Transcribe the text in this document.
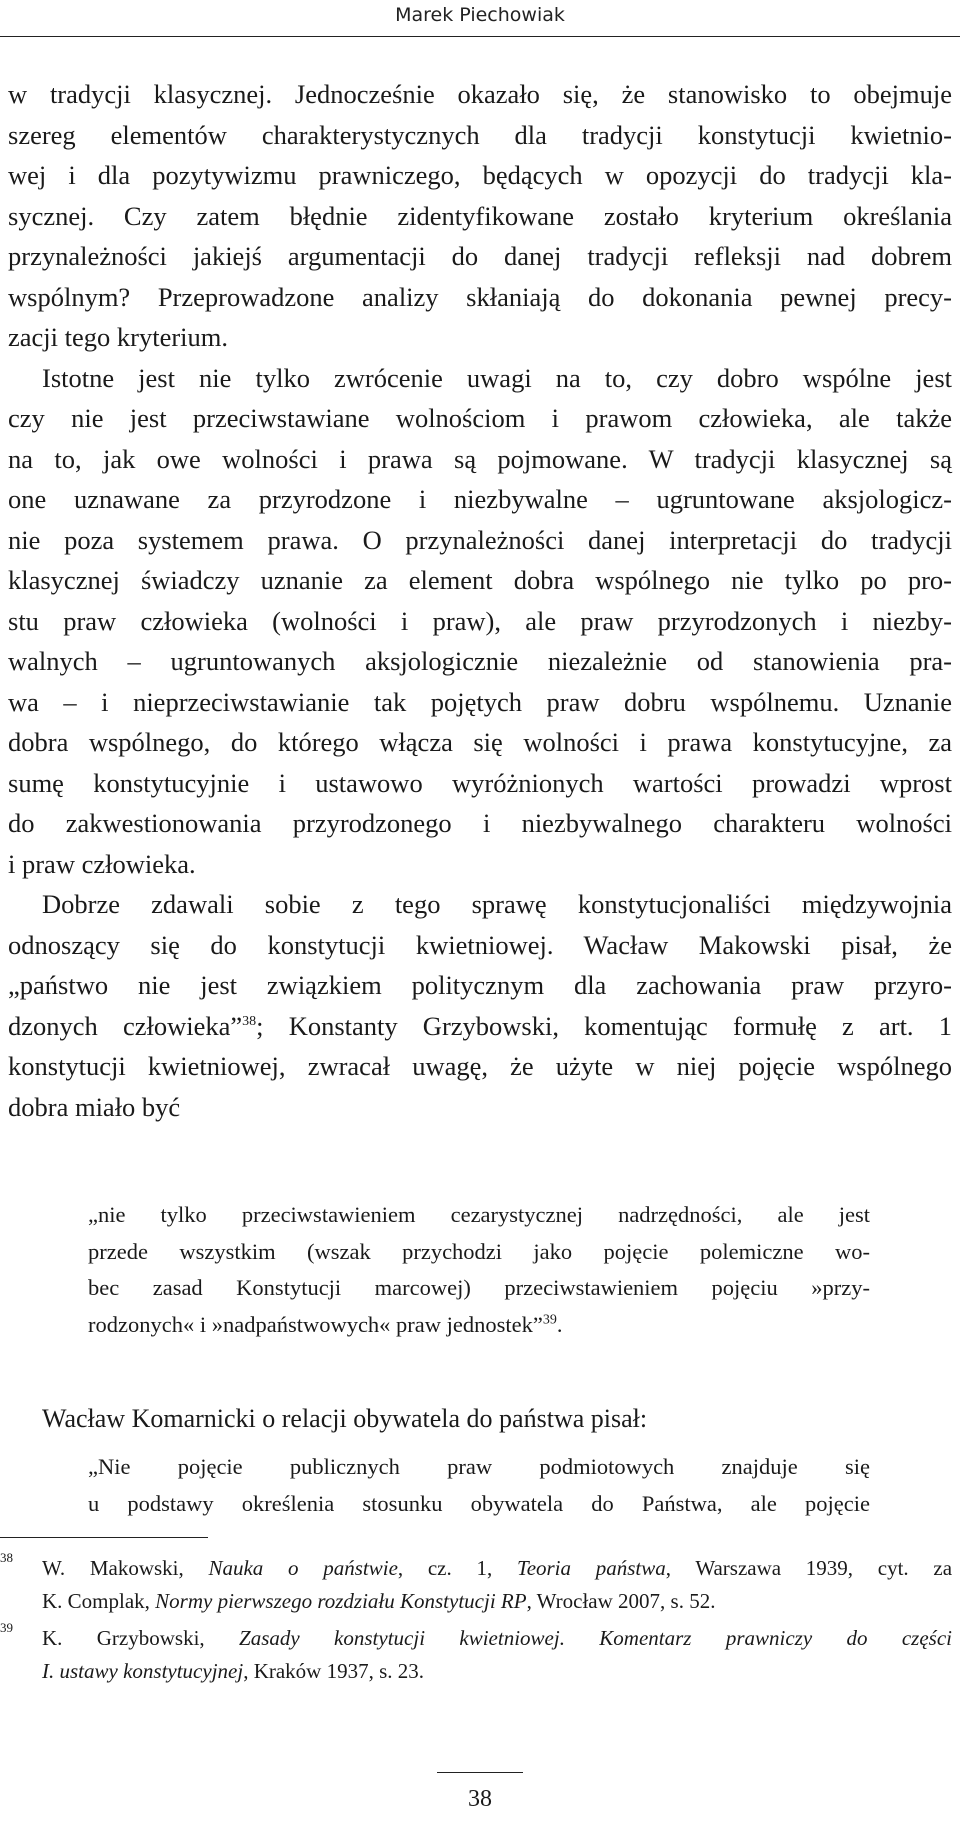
Marek Piechowiak

w tradycji klasycznej. Jednocześnie okazało się, że stanowisko to obejmuje
szereg elementów charakterystycznych dla tradycji konstytucji kwietnio-
wej i dla pozytywizmu prawniczego, będących w opozycji do tradycji kla-
sycznej. Czy zatem błędnie zidentyfikowane zostało kryterium określania
przynależności jakiejś argumentacji do danej tradycji refleksji nad dobrem
wspólnym? Przeprowadzone analizy skłaniają do dokonania pewnej precy-
zacji tego kryterium.

Istotne jest nie tylko zwrócenie uwagi na to, czy dobro wspólne jest
czy nie jest przeciwstawiane wolnościom i prawom człowieka, ale także
na to, jak owe wolności i prawa są pojmowane. W tradycji klasycznej są
one uznawane za przyrodzone i niezbywalne – ugruntowane aksjologicz-
nie poza systemem prawa. O przynależności danej interpretacji do tradycji
klasycznej świadczy uznanie za element dobra wspólnego nie tylko po pro-
stu praw człowieka (wolności i praw), ale praw przyrodzonych i niezby-
walnych – ugruntowanych aksjologicznie niezależnie od stanowienia pra-
wa – i nieprzeciwstawianie tak pojętych praw dobru wspólnemu. Uznanie
dobra wspólnego, do którego włącza się wolności i prawa konstytucyjne, za
sumę konstytucyjnie i ustawowo wyróżnionych wartości prowadzi wprost
do zakwestionowania przyrodzonego i niezbywalnego charakteru wolności
i praw człowieka.

Dobrze zdawali sobie z tego sprawę konstytucjonaliści międzywojnia
odnoszący się do konstytucji kwietniowej. Wacław Makowski pisał, że
„państwo nie jest związkiem politycznym dla zachowania praw przyro-
dzonych człowieka”$^{38}$; Konstanty Grzybowski, komentując formułę z art. 1
konstytucji kwietniowej, zwracał uwagę, że użyte w niej pojęcie wspólnego
dobra miało być

„nie tylko przeciwstawieniem cezarystycznej nadrzędności, ale jest
przede wszystkim (wszak przychodzi jako pojęcie polemiczne wo-
bec zasad Konstytucji marcowej) przeciwstawieniem pojęciu »przy-
rodzonych« i »nadpaństwowych« praw jednostek”$^{39}$.
Wacław Komarnicki o relacji obywatela do państwa pisał:
„Nie pojęcie publicznych praw podmiotowych znajduje się
u podstawy określenia stosunku obywatela do Państwa, ale pojęcie
38 W. Makowski, Nauka o państwie, cz. 1, Teoria państwa, Warszawa 1939, cyt. za
K. Complak, Normy pierwszego rozdziału Konstytucji RP, Wrocław 2007, s. 52.
39 K. Grzybowski, Zasady konstytucji kwietniowej. Komentarz prawniczy do części
I. ustawy konstytucyjnej, Kraków 1937, s. 23.
38
